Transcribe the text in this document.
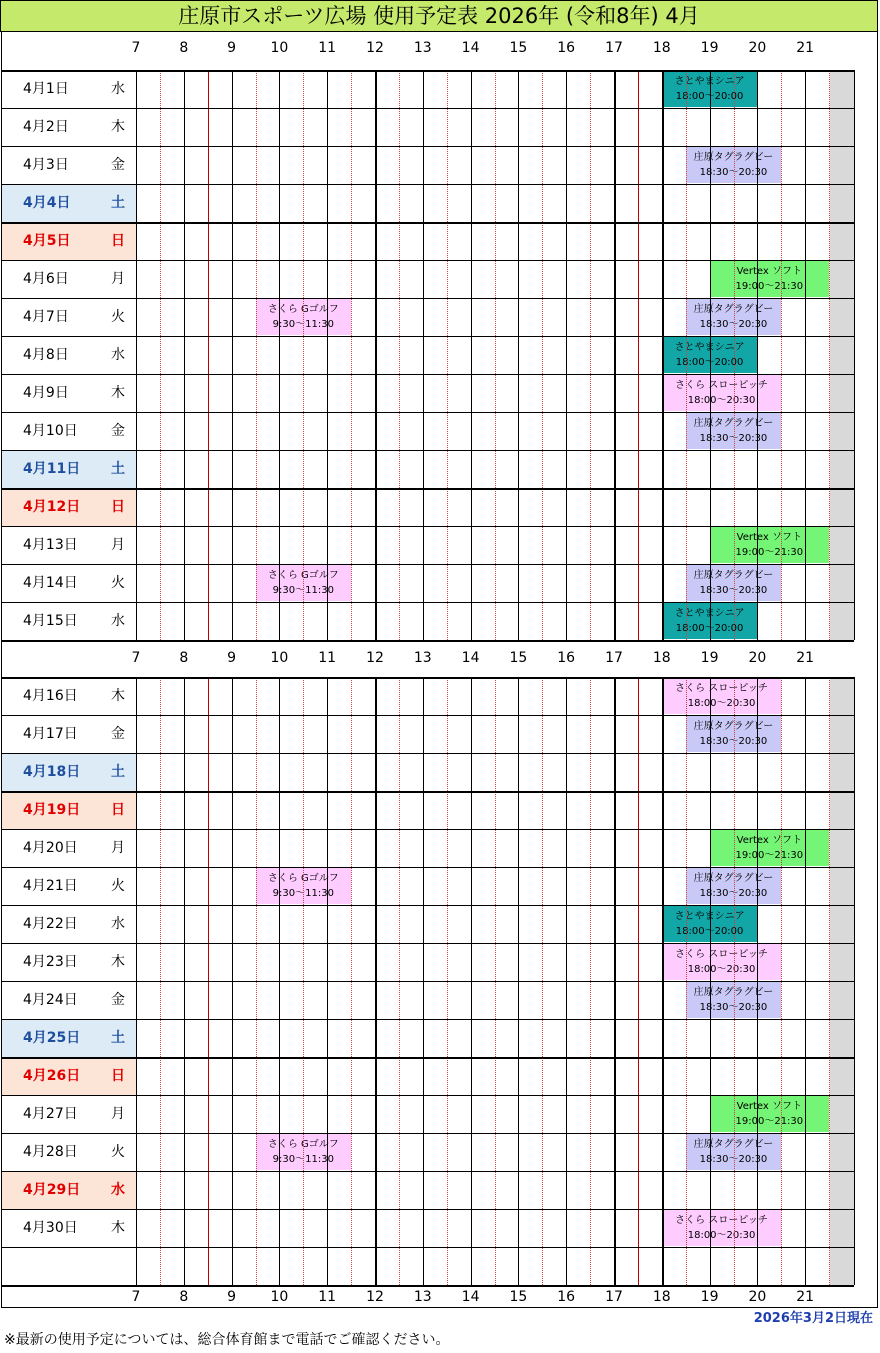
庄原市スポーツ広場 使用予定表 2026年 (令和8年) 4月
7	8	9	10	11	12	13	14	15	16	17	18	19	20	21
4月1日	水	さとやまシニア
18:00～20:00
4月2日	木
4月3日	金	庄原タグラグビー
18:30～20:30
4月4日	土
4月5日	日
4月6日	月	Vertex ソフト
19:00～21:30
4月7日	火	さくら Gゴルフ
9:30～11:30
庄原タグラグビー
18:30～20:30
4月8日	水	さとやまシニア
18:00～20:00
4月9日	木	さくら スローピッチ
18:00～20:30
4月10日 金	庄原タグラグビー
18:30～20:30
4月11日 土
4月12日 日
4月13日 月	Vertex ソフト
19:00～21:30
4月14日 火	さくら Gゴルフ
9:30～11:30
庄原タグラグビー
18:30～20:30
4月15日 水	さとやまシニア
18:00～20:00
7	8	9	10	11	12	13	14	15	16	17	18	19	20	21
4月16日 木	さくら スローピッチ
18:00～20:30
4月17日 金	庄原タグラグビー
18:30～20:30
4月18日 土
4月19日 日
4月20日 月	Vertex ソフト
19:00～21:30
4月21日 火	さくら Gゴルフ
9:30～11:30
庄原タグラグビー
18:30～20:30
4月22日 水	さとやまシニア
18:00～20:00
4月23日 木	さくら スローピッチ
18:00～20:30
4月24日 金	庄原タグラグビー
18:30～20:30
4月25日 土
4月26日 日
4月27日 月	Vertex ソフト
19:00～21:30
4月28日 火	さくら Gゴルフ
9:30～11:30
庄原タグラグビー
18:30～20:30
4月29日 水
4月30日 木	さくら スローピッチ
18:00～20:30
7	8	9	10	11	12	13	14	15	16	17	18	19	20	21
2026年3月2日現在
※最新の使用予定については、総合体育館まで電話でご確認ください。
